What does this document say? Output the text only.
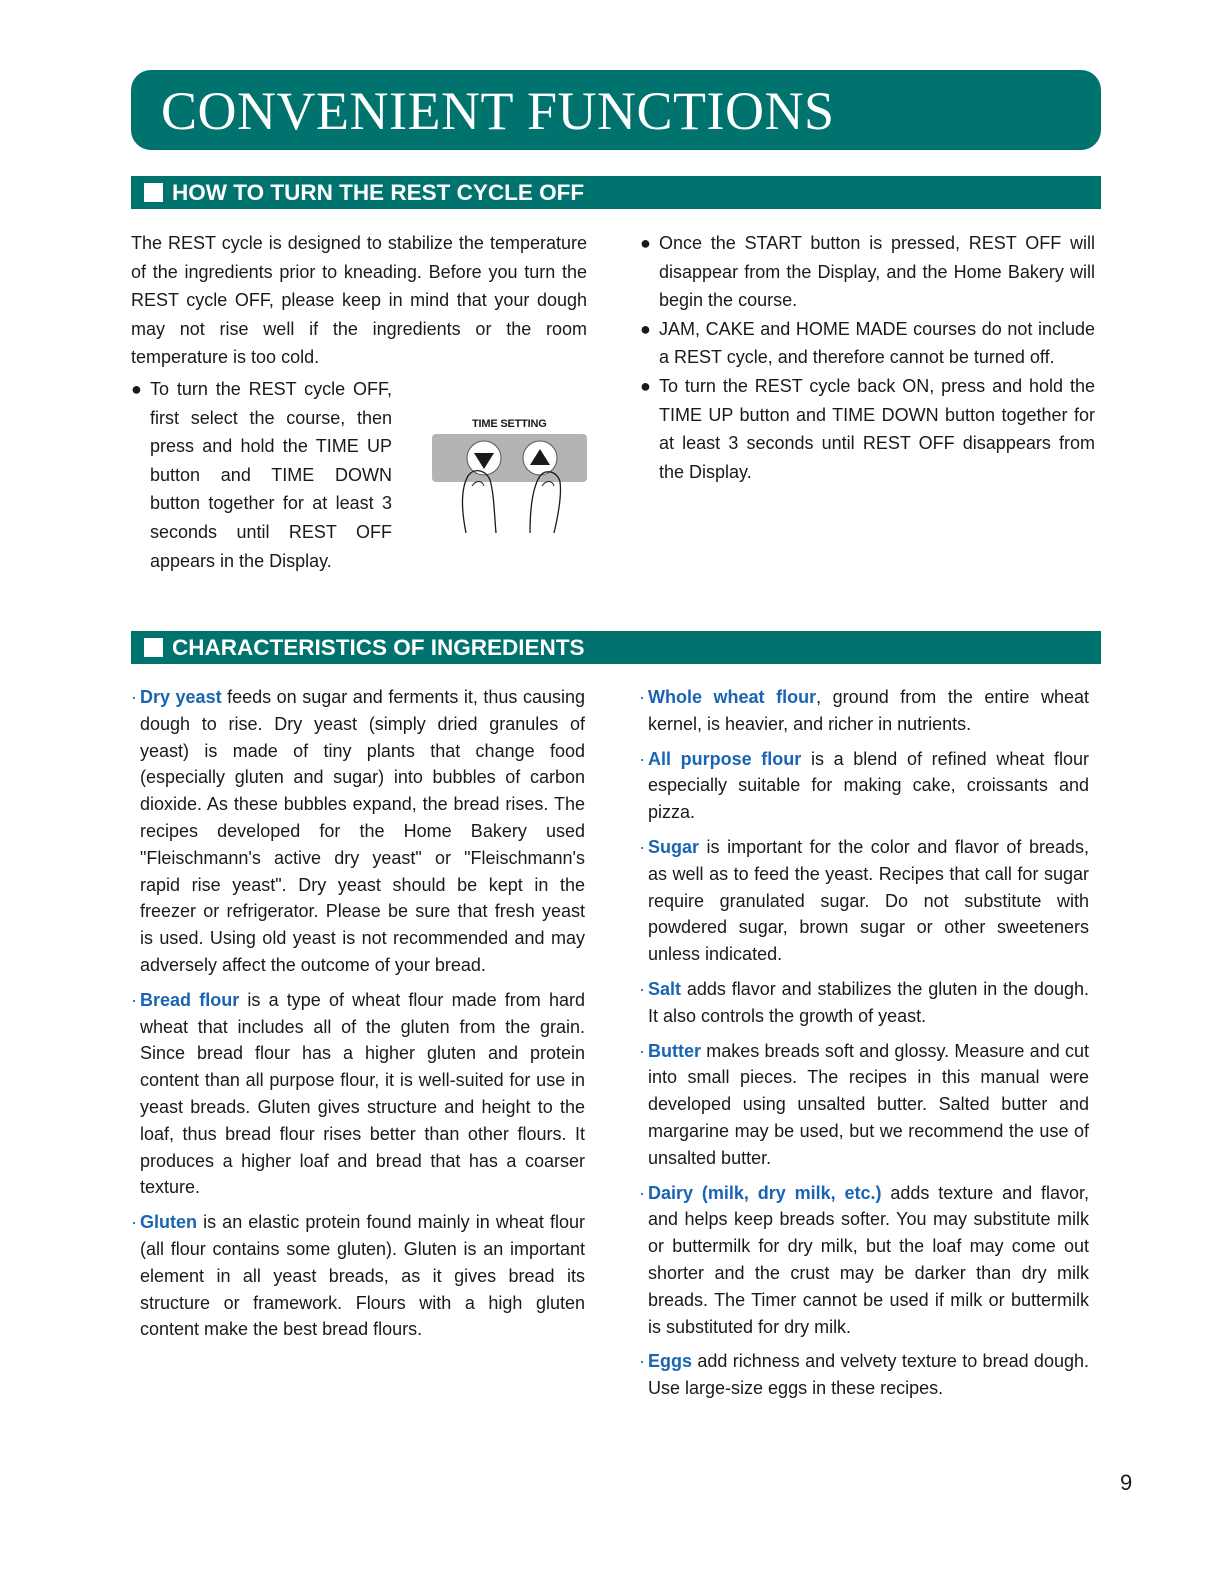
CONVENIENT FUNCTIONS
HOW TO TURN THE REST CYCLE OFF

The REST cycle is designed to stabilize the temperature of the ingredients prior to kneading. Before you turn the REST cycle OFF, please keep in mind that your dough may not rise well if the ingredients or the room temperature is too cold.

● To turn the REST cycle OFF, first select the course, then press and hold the TIME UP button and TIME DOWN button together for at least 3 seconds until REST OFF appears in the Display.
TIME SETTING
● Once the START button is pressed, REST OFF will disappear from the Display, and the Home Bakery will begin the course.
● JAM, CAKE and HOME MADE courses do not include a REST cycle, and therefore cannot be turned off.
● To turn the REST cycle back ON, press and hold the TIME UP button and TIME DOWN button together for at least 3 seconds until REST OFF disappears from the Display.
CHARACTERISTICS OF INGREDIENTS
· Dry yeast feeds on sugar and ferments it, thus causing dough to rise. Dry yeast (simply dried granules of yeast) is made of tiny plants that change food (especially gluten and sugar) into bubbles of carbon dioxide. As these bubbles expand, the bread rises. The recipes developed for the Home Bakery used "Fleischmann's active dry yeast" or "Fleischmann's rapid rise yeast". Dry yeast should be kept in the freezer or refrigerator. Please be sure that fresh yeast is used. Using old yeast is not recommended and may adversely affect the outcome of your bread.
· Bread flour is a type of wheat flour made from hard wheat that includes all of the gluten from the grain. Since bread flour has a higher gluten and protein content than all purpose flour, it is well-suited for use in yeast breads. Gluten gives structure and height to the loaf, thus bread flour rises better than other flours. It produces a higher loaf and bread that has a coarser texture.
· Gluten is an elastic protein found mainly in wheat flour (all flour contains some gluten). Gluten is an important element in all yeast breads, as it gives bread its structure or framework. Flours with a high gluten content make the best bread flours.
· Whole wheat flour, ground from the entire wheat kernel, is heavier, and richer in nutrients.
· All purpose flour is a blend of refined wheat flour especially suitable for making cake, croissants and pizza.
· Sugar is important for the color and flavor of breads, as well as to feed the yeast. Recipes that call for sugar require granulated sugar. Do not substitute with powdered sugar, brown sugar or other sweeteners unless indicated.
· Salt adds flavor and stabilizes the gluten in the dough. It also controls the growth of yeast.
· Butter makes breads soft and glossy. Measure and cut into small pieces. The recipes in this manual were developed using unsalted butter. Salted butter and margarine may be used, but we recommend the use of unsalted butter.
· Dairy (milk, dry milk, etc.) adds texture and flavor, and helps keep breads softer. You may substitute milk or buttermilk for dry milk, but the loaf may come out shorter and the crust may be darker than dry milk breads. The Timer cannot be used if milk or buttermilk is substituted for dry milk.
· Eggs add richness and velvety texture to bread dough. Use large-size eggs in these recipes.
9
